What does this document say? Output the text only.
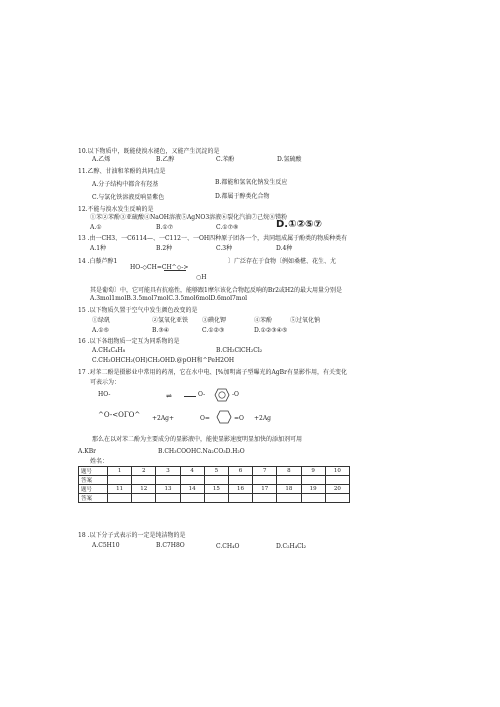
10.以下物质中，既能使溴水褪色，又能产生沉淀的是
A.乙烯	B.乙醇	C.苯酚	D.氢硫酸
11.乙醇、甘油和苯酚的共同点是
A.分子结构中都含有羟基	B.都能和氢氧化钠发生反应
C.与氯化铁溶液反响显紫色	D.都属于醇类化合物
12.不能与溴水发生反响的是
①苯②苯酚③亚硫酸④NaOH溶液⑤AgNO3溶液⑥裂化汽油⑦己烷⑧镁粉
A.①	B.①⑦	C.①⑦⑧	D.①②⑤⑦
13 .由一CH3、一C6114—、一C112一、一OH四种原子团各一个，共同组成属于酚类的物质种类有
A.1种	B.2种	C.3种	D.4种
14 .白藜芦醇1	〕广泛存在于食物〔例如桑椹、花生、尤
HO-◇CH=CH^◇->
○H
其是葡萄〕中，它可能具有抗癌性，能够跟1摩尔该化合物起反响的Br2或H2的最大用量分别是
A.3mol1molB.3.5mol7molC.3.5mol6molD.6mol7mol
15 .以下物质久置于空气中发生颜色改变的是
①绿矾	②氢氧化亚铁 ③碘化钾	④苯酚	⑤过氧化钠
A.①⑤	B.③④	C.①②③	D.①②③④⑤
16 .以下各组物质一定互为同系物的是
A.CH₄C₄H₈	B.CH₃ClCH₂Cl₂
C.CH₃OHCH₂(OH)CH₂OHD.@pOH和^PeH2OH
17 .对苯二酚是摄影业中常用的药剂，它在水中电、[%加明离子型曝光的AgBr有显影作用，有关变化
可表示为：
HO-	⇌	O-	-O
^O-<OΓO^ +2Ag+	O=	=O +2Ag
那么在以对苯二酚为主要成分的显影液中，能使显影速度明显加快的添加剂可用
A.KBr	B.CH₃COOHC.Na₂CO₃D.H₂O
姓名：
题号	1	2	3	4	5	6	7	8	9	10
答案										
题号	11	12	13	14	15	16	17	18	19	20
答案										
18 .以下分子式表示的一定是纯洁物的是
A.C5H10	B.C7H8O	C.CH₄O	D.C₂H₄Cl₂
